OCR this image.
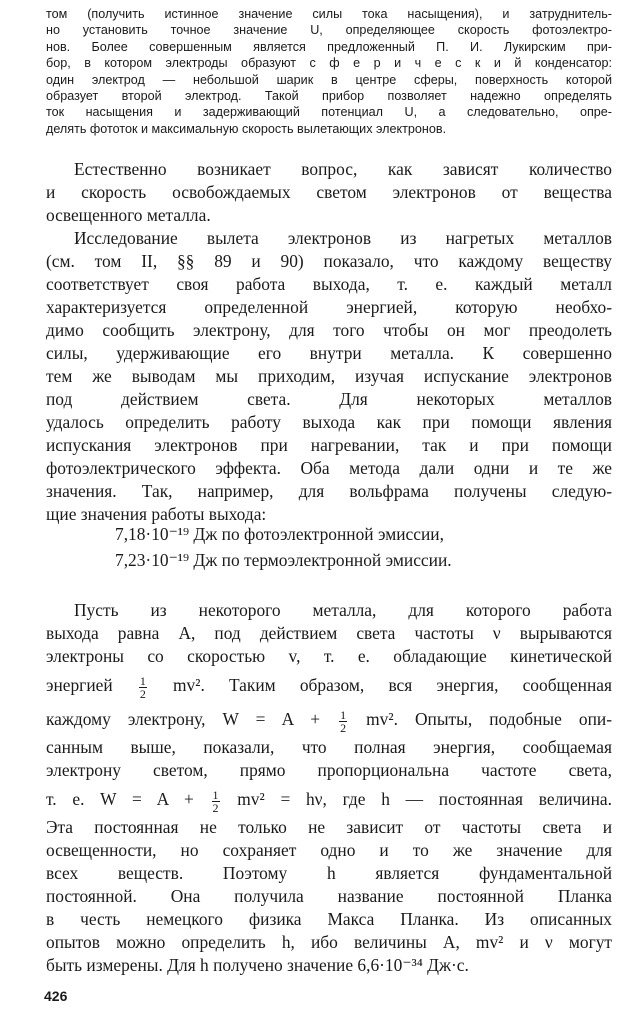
том (получить истинное значение силы тока насыщения), и затруднитель-
но установить точное значение U, определяющее скорость фотоэлектро-
нов. Более совершенным является предложенный П. И. Лукирским при-
бор, в котором электроды образуют с ф е р и ч е с к и й конденсатор:
один электрод — небольшой шарик в центре сферы, поверхность которой
образует второй электрод. Такой прибор позволяет надежно определять
ток насыщения и задерживающий потенциал U, а следовательно, опре-
делять фототок и максимальную скорость вылетающих электронов.
Естественно возникает вопрос, как зависят количество
и скорость освобождаемых светом электронов от вещества
освещенного металла.
Исследование вылета электронов из нагретых металлов
(см. том II, §§ 89 и 90) показало, что каждому веществу
соответствует своя работа выхода, т. е. каждый металл
характеризуется определенной энергией, которую необхо-
димо сообщить электрону, для того чтобы он мог преодолеть
силы, удерживающие его внутри металла. К совершенно
тем же выводам мы приходим, изучая испускание электронов
под действием света. Для некоторых металлов
удалось определить работу выхода как при помощи явления
испускания электронов при нагревании, так и при помощи
фотоэлектрического эффекта. Оба метода дали одни и те же
значения. Так, например, для вольфрама получены следую-
щие значения работы выхода:
7,18·10⁻¹⁹ Дж по фотоэлектронной эмиссии,
7,23·10⁻¹⁹ Дж по термоэлектронной эмиссии.
Пусть из некоторого металла, для которого работа
выхода равна A, под действием света частоты ν вырываются
электроны со скоростью v, т. е. обладающие кинетической
энергией $\frac{1}{2} mv^2$. Таким образом, вся энергия, сообщенная
каждому электрону, $W = A + \frac{1}{2} mv^2$. Опыты, подобные опи-
санным выше, показали, что полная энергия, сообщаемая
электрону светом, прямо пропорциональна частоте света,
т. е. $W = A + \frac{1}{2} mv^2 = h\nu$, где h — постоянная величина.
Эта постоянная не только не зависит от частоты света и
освещенности, но сохраняет одно и то же значение для
всех веществ. Поэтому h является фундаментальной
постоянной. Она получила название постоянной Планка
в честь немецкого физика Макса Планка. Из описанных
опытов можно определить h, ибо величины A, mv² и ν могут
быть измерены. Для h получено значение 6,6·10⁻³⁴ Дж·с.
426
